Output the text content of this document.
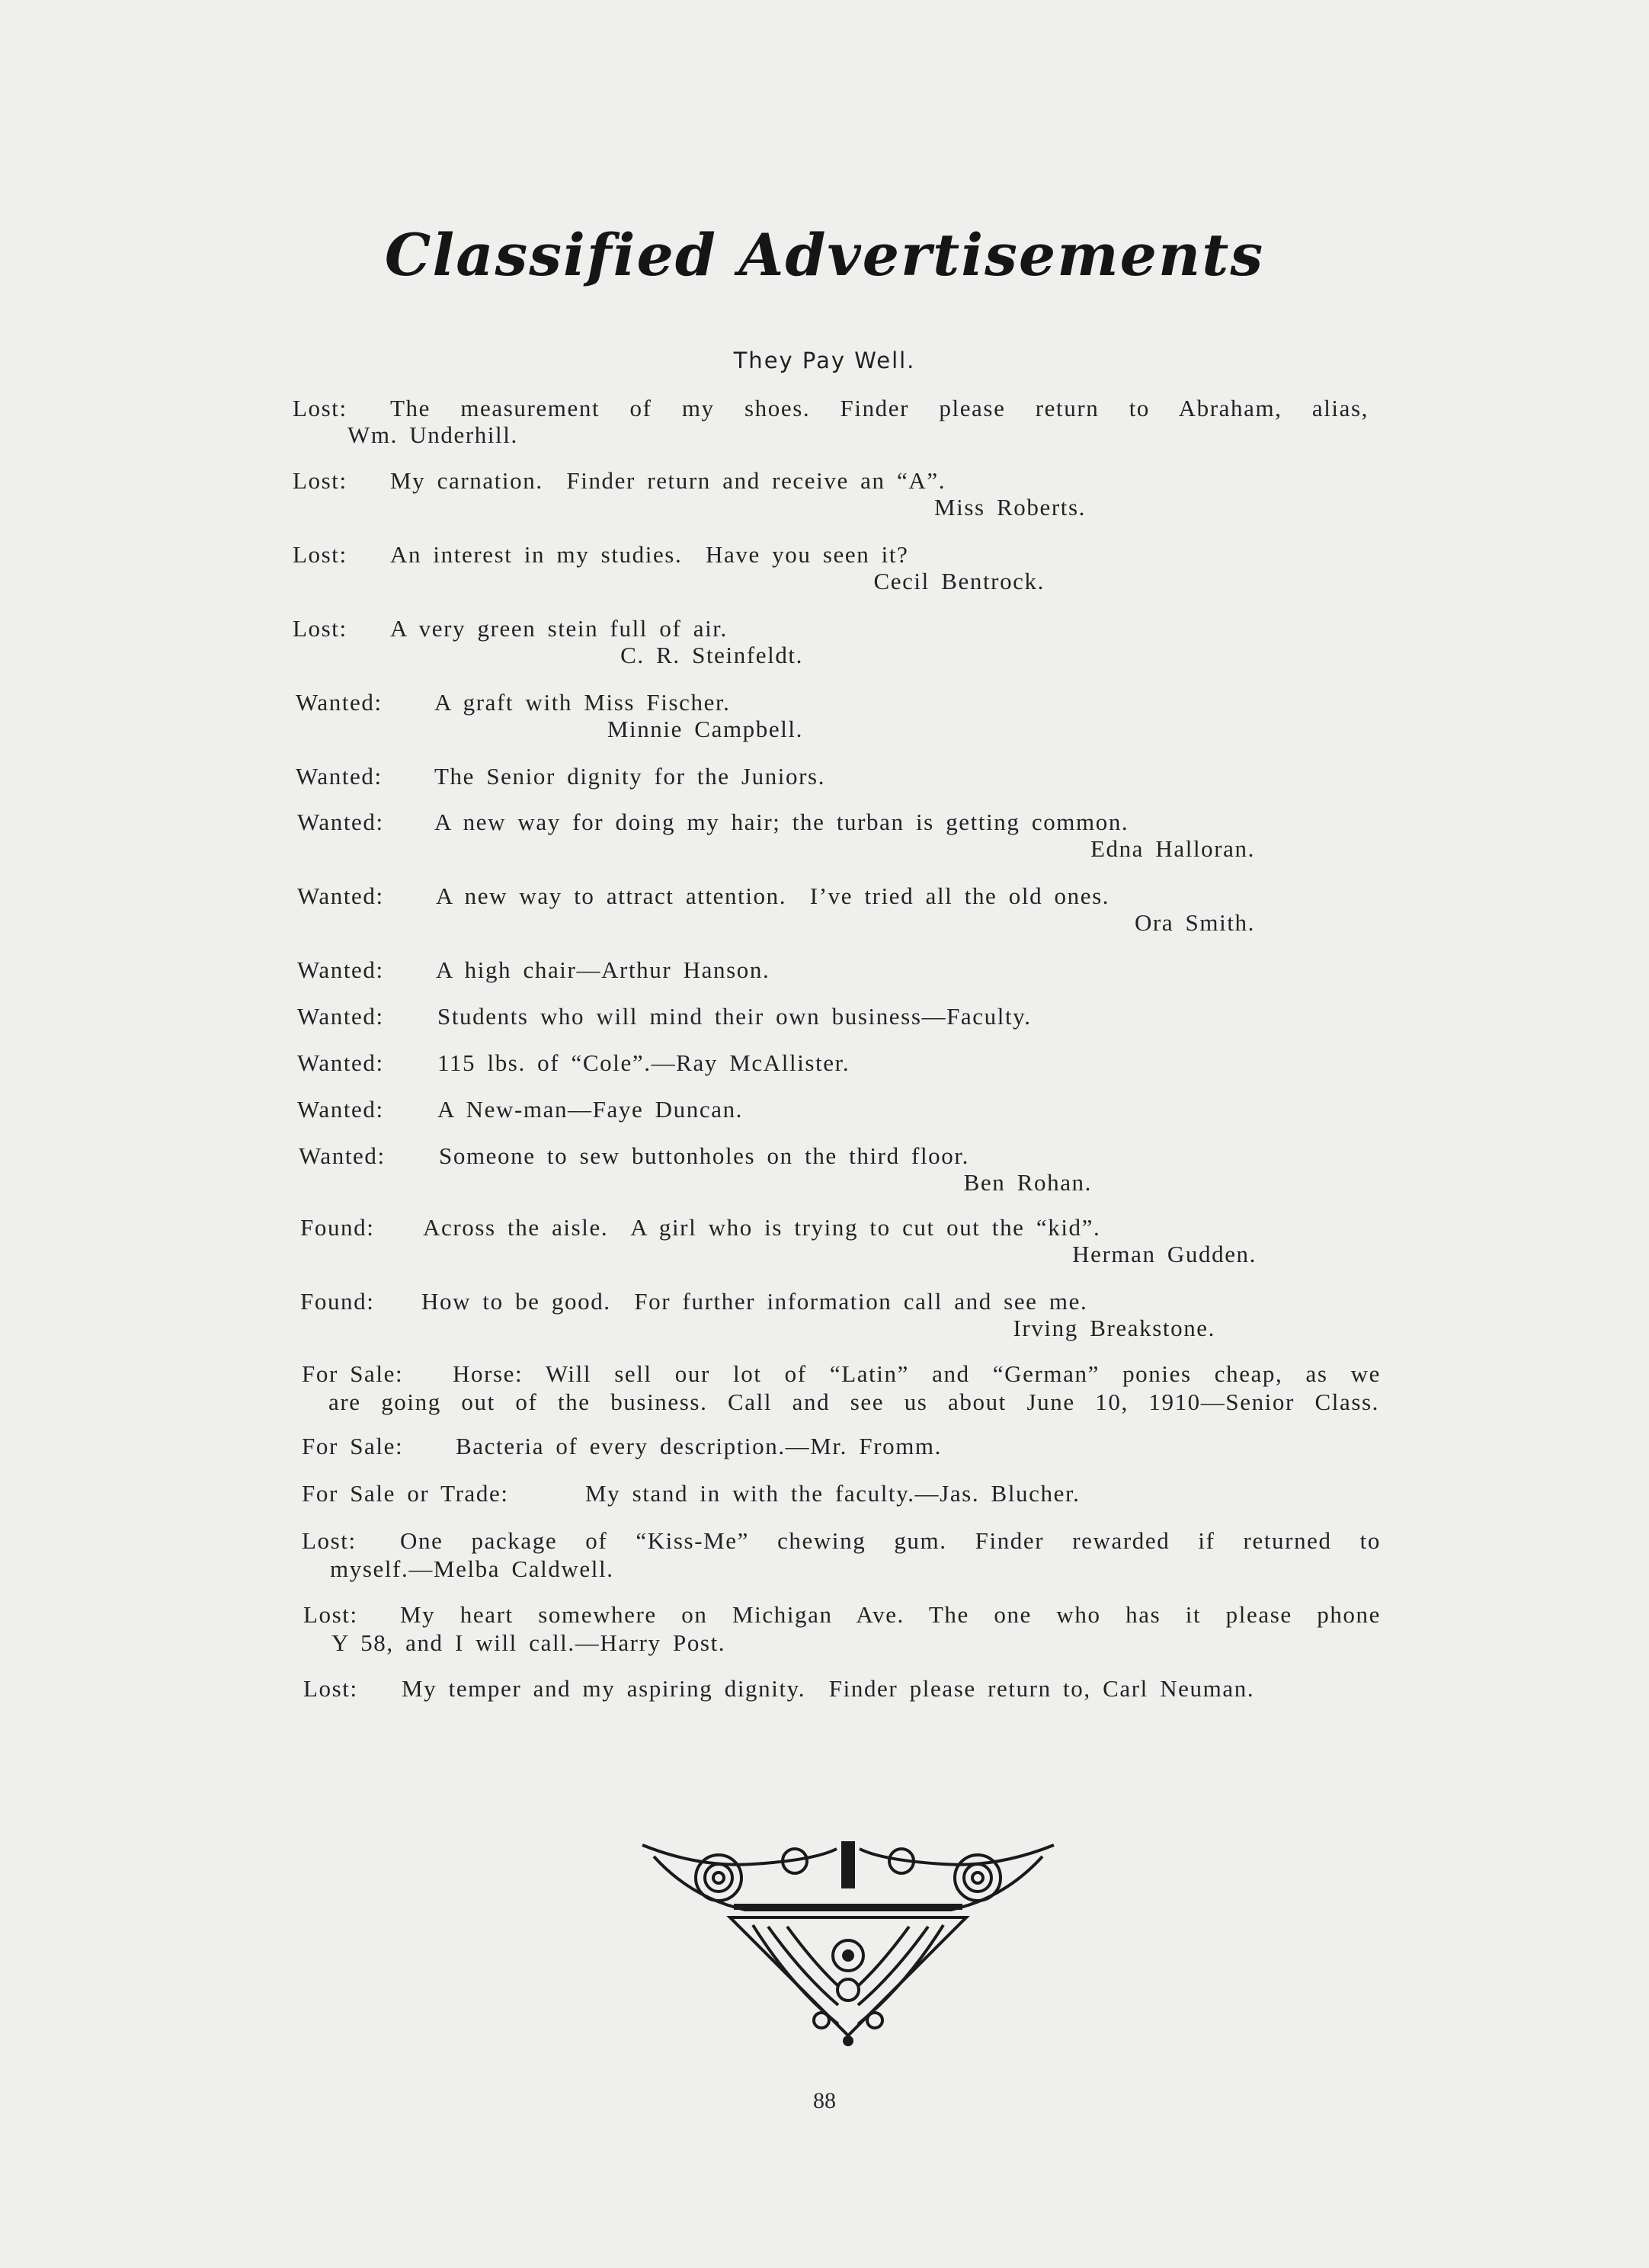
Classified Advertisements
They Pay Well.
Lost: The measurement of my shoes. Finder please return to Abraham, alias,
Wm. Underhill.
Lost: My carnation.  Finder return and receive an “A”.
Miss Roberts.
Lost: An interest in my studies.  Have you seen it?
Cecil Bentrock.
Lost: A very green stein full of air.
C. R. Steinfeldt.
Wanted: A graft with Miss Fischer.
Minnie Campbell.
Wanted: The Senior dignity for the Juniors.
Wanted: A new way for doing my hair; the turban is getting common.
Edna Halloran.
Wanted: A new way to attract attention.  I’ve tried all the old ones.
Ora Smith.
Wanted: A high chair—Arthur Hanson.
Wanted: Students who will mind their own business—Faculty.
Wanted: 115 lbs. of “Cole”.—Ray McAllister.
Wanted: A New-man—Faye Duncan.
Wanted: Someone to sew buttonholes on the third floor.
Ben Rohan.
Found: Across the aisle.  A girl who is trying to cut out the “kid”.
Herman Gudden.
Found: How to be good.  For further information call and see me.
Irving Breakstone.
For Sale: Horse: Will sell our lot of “Latin” and “German” ponies cheap, as we
are going out of the business. Call and see us about June 10, 1910—Senior Class.
For Sale: Bacteria of every description.—Mr. Fromm.
For Sale or Trade:	My stand in with the faculty.—Jas. Blucher.
Lost: One package of “Kiss-Me” chewing gum. Finder rewarded if returned to
myself.—Melba Caldwell.
Lost: My heart somewhere on Michigan Ave. The one who has it please phone
Y 58, and I will call.—Harry Post.
Lost: My temper and my aspiring dignity.  Finder please return to, Carl Neuman.
88
